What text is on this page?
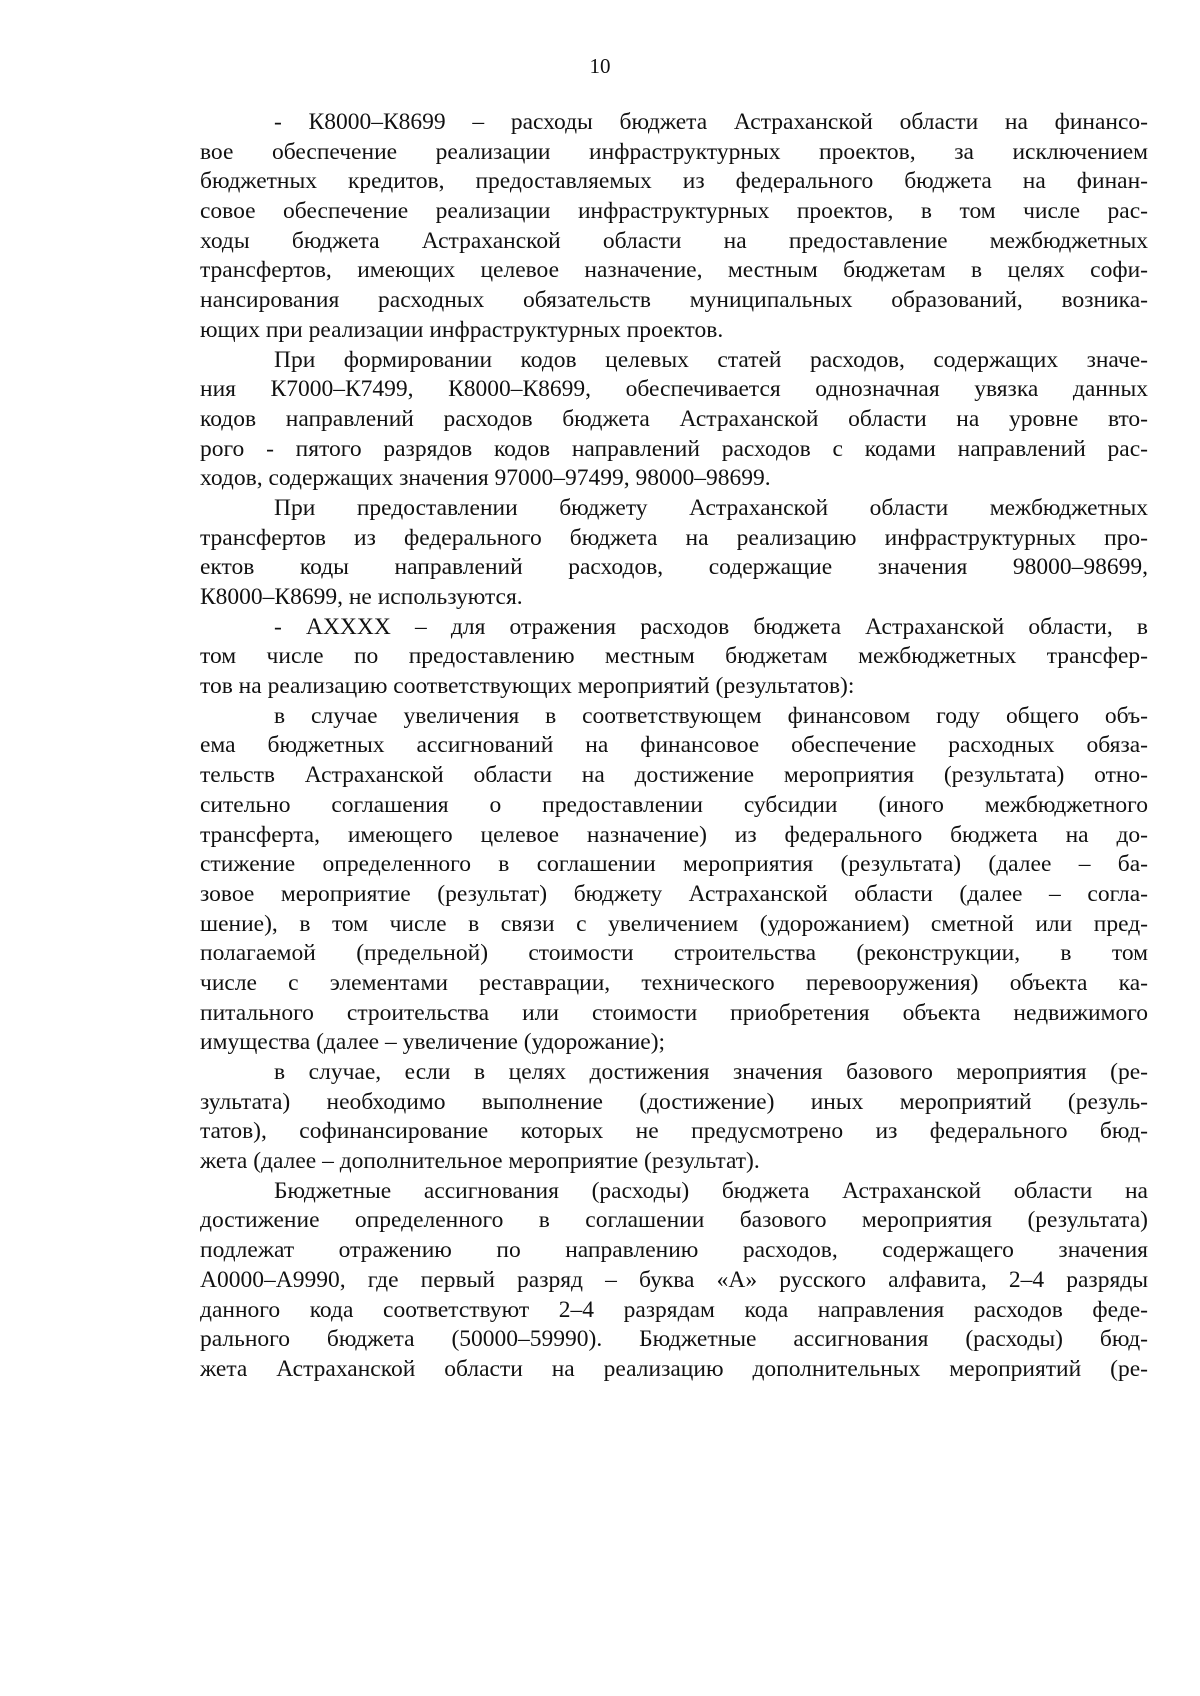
10
- К8000–К8699 – расходы бюджета Астраханской области на финансо-
вое обеспечение реализации инфраструктурных проектов, за исключением
бюджетных кредитов, предоставляемых из федерального бюджета на финан-
совое обеспечение реализации инфраструктурных проектов, в том числе рас-
ходы бюджета Астраханской области на предоставление межбюджетных
трансфертов, имеющих целевое назначение, местным бюджетам в целях софи-
нансирования расходных обязательств муниципальных образований, возника-
ющих при реализации инфраструктурных проектов.
При формировании кодов целевых статей расходов, содержащих значе-
ния К7000–К7499, К8000–К8699, обеспечивается однозначная увязка данных
кодов направлений расходов бюджета Астраханской области на уровне вто-
рого - пятого разрядов кодов направлений расходов с кодами направлений рас-
ходов, содержащих значения 97000–97499, 98000–98699.
При предоставлении бюджету Астраханской области межбюджетных
трансфертов из федерального бюджета на реализацию инфраструктурных про-
ектов коды направлений расходов, содержащие значения 98000–98699,
К8000–К8699, не используются.
- АХХХХ – для отражения расходов бюджета Астраханской области, в
том числе по предоставлению местным бюджетам межбюджетных трансфер-
тов на реализацию соответствующих мероприятий (результатов):
в случае увеличения в соответствующем финансовом году общего объ-
ема бюджетных ассигнований на финансовое обеспечение расходных обяза-
тельств Астраханской области на достижение мероприятия (результата) отно-
сительно соглашения о предоставлении субсидии (иного межбюджетного
трансферта, имеющего целевое назначение) из федерального бюджета на до-
стижение определенного в соглашении мероприятия (результата) (далее – ба-
зовое мероприятие (результат) бюджету Астраханской области (далее – согла-
шение), в том числе в связи с увеличением (удорожанием) сметной или пред-
полагаемой (предельной) стоимости строительства (реконструкции, в том
числе с элементами реставрации, технического перевооружения) объекта ка-
питального строительства или стоимости приобретения объекта недвижимого
имущества (далее – увеличение (удорожание);
в случае, если в целях достижения значения базового мероприятия (ре-
зультата) необходимо выполнение (достижение) иных мероприятий (резуль-
татов), софинансирование которых не предусмотрено из федерального бюд-
жета (далее – дополнительное мероприятие (результат).
Бюджетные ассигнования (расходы) бюджета Астраханской области на
достижение определенного в соглашении базового мероприятия (результата)
подлежат отражению по направлению расходов, содержащего значения
А0000–А9990, где первый разряд – буква «А» русского алфавита, 2–4 разряды
данного кода соответствуют 2–4 разрядам кода направления расходов феде-
рального бюджета (50000–59990). Бюджетные ассигнования (расходы) бюд-
жета Астраханской области на реализацию дополнительных мероприятий (ре-
